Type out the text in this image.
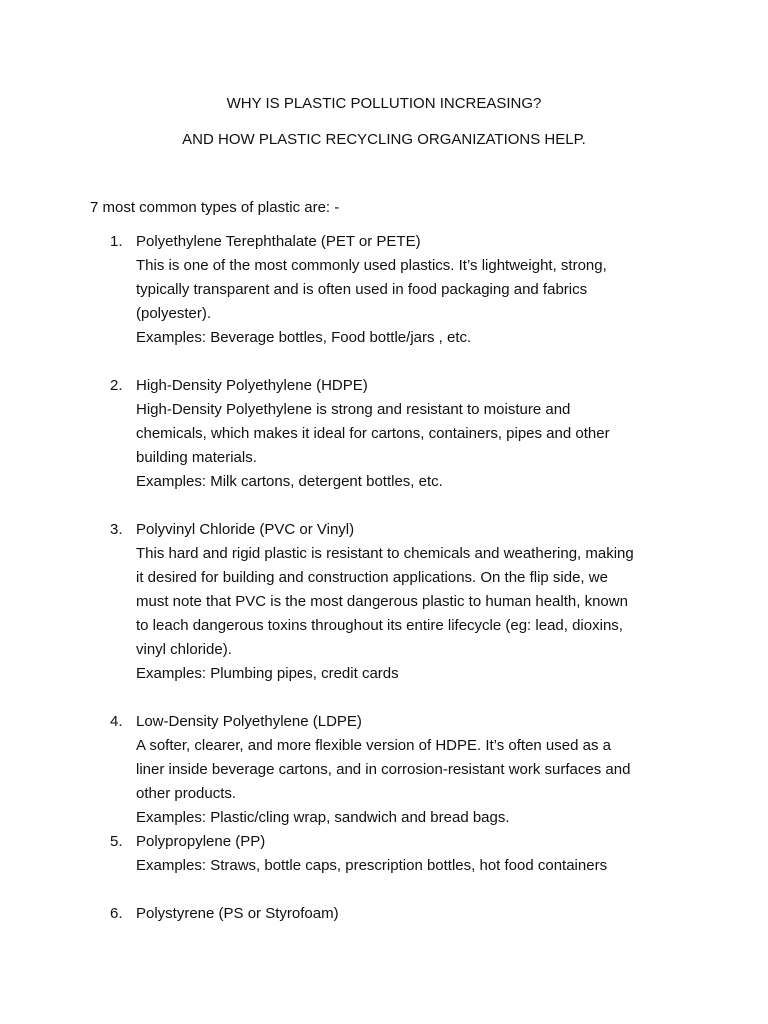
WHY IS PLASTIC POLLUTION INCREASING?

AND HOW PLASTIC RECYCLING ORGANIZATIONS HELP.

7 most common types of plastic are: -

1. Polyethylene Terephthalate (PET or PETE)
This is one of the most commonly used plastics. It’s lightweight, strong,
typically transparent and is often used in food packaging and fabrics
(polyester).
Examples: Beverage bottles, Food bottle/jars , etc.
2. High-Density Polyethylene (HDPE)
High-Density Polyethylene is strong and resistant to moisture and
chemicals, which makes it ideal for cartons, containers, pipes and other
building materials.
Examples: Milk cartons, detergent bottles, etc.
3. Polyvinyl Chloride (PVC or Vinyl)
This hard and rigid plastic is resistant to chemicals and weathering, making
it desired for building and construction applications. On the flip side, we
must note that PVC is the most dangerous plastic to human health, known
to leach dangerous toxins throughout its entire lifecycle (eg: lead, dioxins,
vinyl chloride).
Examples: Plumbing pipes, credit cards
4. Low-Density Polyethylene (LDPE)
A softer, clearer, and more flexible version of HDPE. It’s often used as a
liner inside beverage cartons, and in corrosion-resistant work surfaces and
other products.
Examples: Plastic/cling wrap, sandwich and bread bags.
5. Polypropylene (PP)
Examples: Straws, bottle caps, prescription bottles, hot food containers
6. Polystyrene (PS or Styrofoam)
